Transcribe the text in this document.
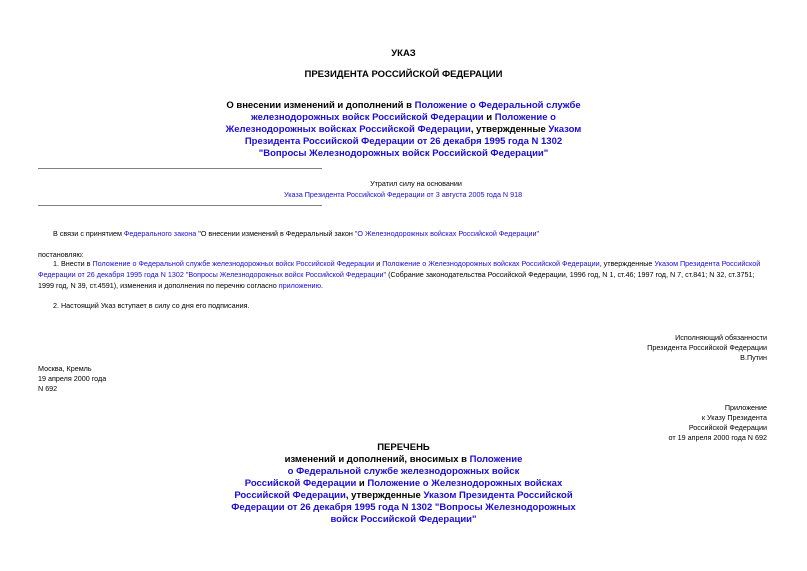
УКАЗ
ПРЕЗИДЕНТА РОССИЙСКОЙ ФЕДЕРАЦИИ
О внесении изменений и дополнений в Положение о Федеральной службе
железнодорожных войск Российской Федерации и Положение о
Железнодорожных войсках Российской Федерации, утвержденные Указом
Президента Российской Федерации от 26 декабря 1995 года N 1302
"Вопросы Железнодорожных войск Российской Федерации"
Утратил силу на основании
Указа Президента Российской Федерации от 3 августа 2005 года N 918
В связи с принятием Федерального закона "О внесении изменений в Федеральный закон "О Железнодорожных войсках Российской Федерации"
постановляю:
1. Внести в Положение о Федеральной службе железнодорожных войск Российской Федерации и Положение о Железнодорожных войсках Российской Федерации, утвержденные Указом Президента Российской
Федерации от 26 декабря 1995 года N 1302 "Вопросы Железнодорожных войск Российской Федерации" (Собрание законодательства Российской Федерации, 1996 год, N 1, ст.46; 1997 год, N 7, ст.841; N 32, ст.3751;
1999 год, N 39, ст.4591), изменения и дополнения по перечню согласно приложению.
2. Настоящий Указ вступает в силу со дня его подписания.
Исполняющий обязанности
Президента Российской Федерации
В.Путин
Москва, Кремль
19 апреля 2000 года
N 692
Приложение
к Указу Президента
Российской Федерации
от 19 апреля 2000 года N 692
ПЕРЕЧЕНЬ
изменений и дополнений, вносимых в Положение
о Федеральной службе железнодорожных войск
Российской Федерации и Положение о Железнодорожных войсках
Российской Федерации, утвержденные Указом Президента Российской
Федерации от 26 декабря 1995 года N 1302 "Вопросы Железнодорожных
войск Российской Федерации"
